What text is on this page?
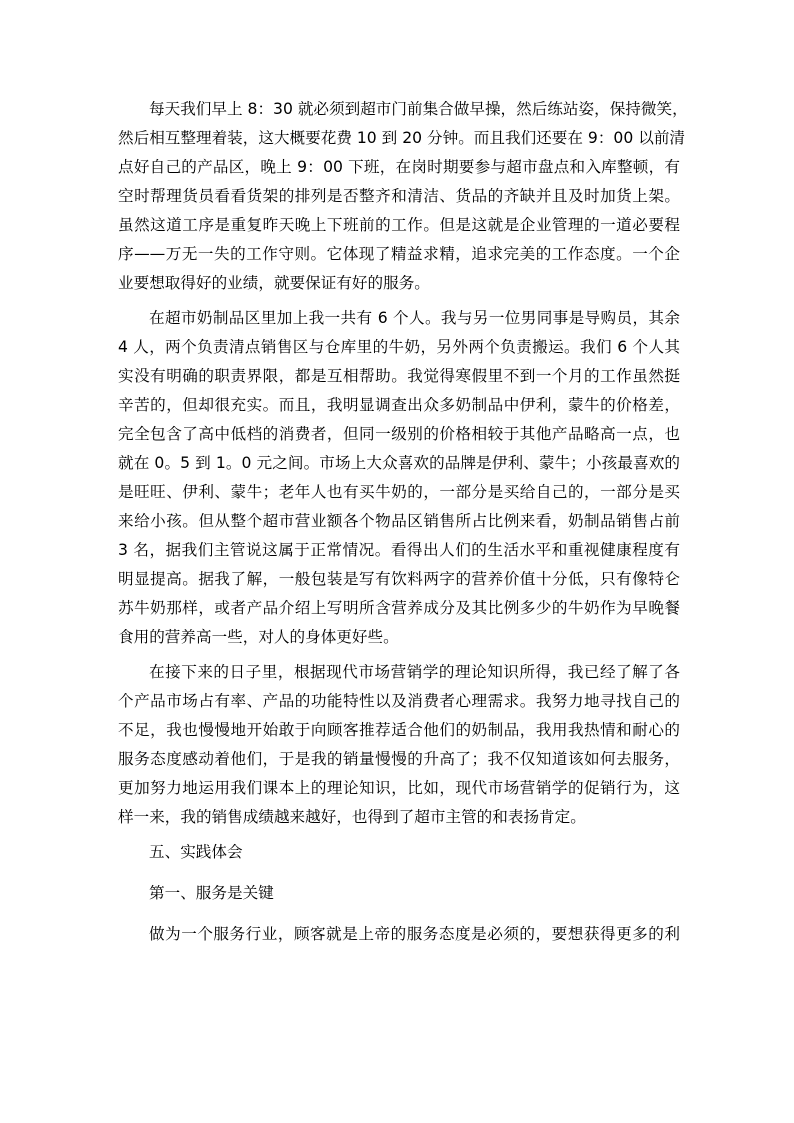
每天我们早上 8：30 就必须到超市门前集合做早操，然后练站姿，保持微笑，
然后相互整理着装，这大概要花费 10 到 20 分钟。而且我们还要在 9：00 以前清
点好自己的产品区，晚上 9：00 下班，在岗时期要参与超市盘点和入库整顿，有
空时帮理货员看看货架的排列是否整齐和清洁、货品的齐缺并且及时加货上架。
虽然这道工序是重复昨天晚上下班前的工作。但是这就是企业管理的一道必要程
序——万无一失的工作守则。它体现了精益求精，追求完美的工作态度。一个企
业要想取得好的业绩，就要保证有好的服务。
在超市奶制品区里加上我一共有 6 个人。我与另一位男同事是导购员，其余
4 人，两个负责清点销售区与仓库里的牛奶，另外两个负责搬运。我们 6 个人其
实没有明确的职责界限，都是互相帮助。我觉得寒假里不到一个月的工作虽然挺
辛苦的，但却很充实。而且，我明显调查出众多奶制品中伊利，蒙牛的价格差，
完全包含了高中低档的消费者，但同一级别的价格相较于其他产品略高一点，也
就在 0。5 到 1。0 元之间。市场上大众喜欢的品牌是伊利、蒙牛；小孩最喜欢的
是旺旺、伊利、蒙牛；老年人也有买牛奶的，一部分是买给自己的，一部分是买
来给小孩。但从整个超市营业额各个物品区销售所占比例来看，奶制品销售占前
3 名，据我们主管说这属于正常情况。看得出人们的生活水平和重视健康程度有
明显提高。据我了解，一般包装是写有饮料两字的营养价值十分低，只有像特仑
苏牛奶那样，或者产品介绍上写明所含营养成分及其比例多少的牛奶作为早晚餐
食用的营养高一些，对人的身体更好些。
在接下来的日子里，根据现代市场营销学的理论知识所得，我已经了解了各
个产品市场占有率、产品的功能特性以及消费者心理需求。我努力地寻找自己的
不足，我也慢慢地开始敢于向顾客推荐适合他们的奶制品，我用我热情和耐心的
服务态度感动着他们，于是我的销量慢慢的升高了；我不仅知道该如何去服务，
更加努力地运用我们课本上的理论知识，比如，现代市场营销学的促销行为，这
样一来，我的销售成绩越来越好，也得到了超市主管的和表扬肯定。
五、实践体会
第一、服务是关键
做为一个服务行业，顾客就是上帝的服务态度是必须的，要想获得更多的利
